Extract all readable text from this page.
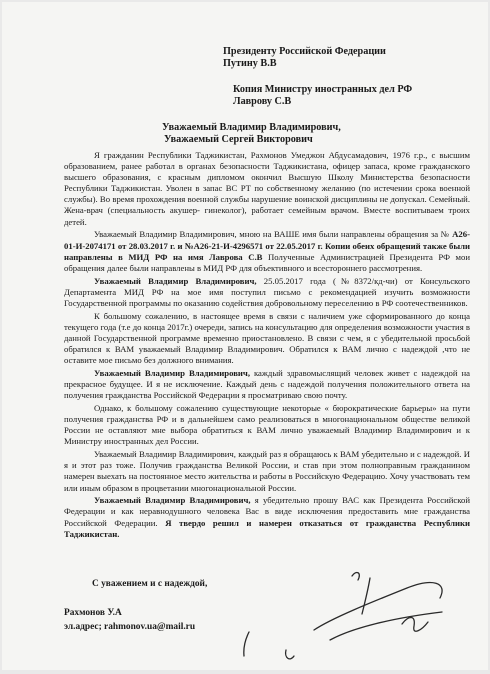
Президенту Российской Федерации
Путину В.В
Копия Министру иностранных дел РФ
Лаврову С.В
Уважаемый Владимир Владимирович,
Уважаемый Сергей Викторович

Я гражданин Республики Таджикистан, Рахмонов Умеджон Абдусамадович, 1976 г.р., с высшим образованием, ранее работал в органах безопасности Таджикистана, офицер запаса, кроме гражданского высшего образования, с красным дипломом окончил Высшую Школу Министерства безопасности Республики Таджикистан. Уволен в запас ВС РТ по собственному желанию (по истечении срока военной службы). Во время прохождения военной службы нарушение воинской дисциплины не допускал. Семейный. Жена-врач (специальность акушер- гинеколог), работает семейным врачом. Вместе воспитываем троих детей.

Уважаемый Владимир Владимирович, мною на ВАШЕ имя были направлены обращения за № А26-01-И-2074171 от 28.03.2017 г. и №А26-21-И-4296571 от 22.05.2017 г. Копии обеих обращений также были направлены в МИД РФ на имя Лаврова С.В Полученные Администрацией Президента РФ мои обращения далее были направлены в МИД РФ для объективного и всестороннего рассмотрения.

Уважаемый Владимир Владимирович, 25.05.2017 года (№8372/кд-чи) от Консульского Департамента МИД РФ на мое имя поступил письмо с рекомендацией изучить возможности Государственной программы по оказанию содействия добровольному переселению в РФ соотечественников.

К большому сожалению, в настоящее время в связи с наличием уже сформированного до конца текущего года (т.е до конца 2017г.) очереди, запись на консультацию для определения возможности участия в данной Государственной программе временно приостановлено. В связи с чем, я с убедительной просьбой обратился к ВАМ уважаемый Владимир Владимирович. Обратился к ВАМ лично с надеждой ,что не оставите мое письмо без должного внимания.

Уважаемый Владимир Владимирович, каждый здравомыслящий человек живет с надеждой на прекрасное будущее. И я не исключение. Каждый день с надеждой получения положительного ответа на получения гражданства Российской Федерации я просматриваю свою почту.

Однако, к большому сожалению существующие некоторые « бюрократические барьеры» на пути получения гражданства РФ и в дальнейшем само реализоваться в многонациональном обществе великой России не оставляют мне выбора обратиться к ВАМ лично уважаемый Владимир Владимирович и к Министру иностранных дел России.

Уважаемый Владимир Владимирович, каждый раз я обращаюсь к ВАМ убедительно и с надеждой. И я и этот раз тоже. Получив гражданства Великой России, и став при этом полноправным гражданином намерен выехать на постоянное место жительства и работы в Российскую Федерацию. Хочу участвовать тем или иным образом в процветании многонациональной России.

Уважаемый Владимир Владимирович, я убедительно прошу ВАС как Президента Российской Федерации и как неравнодушного человека Вас в виде исключения предоставить мне гражданства Российской Федерации. Я твердо решил и намерен отказаться от гражданства Республики Таджикистан.

С уважением и с надеждой,
Рахмонов У.А
эл.адрес; rahmonov.ua@mail.ru
